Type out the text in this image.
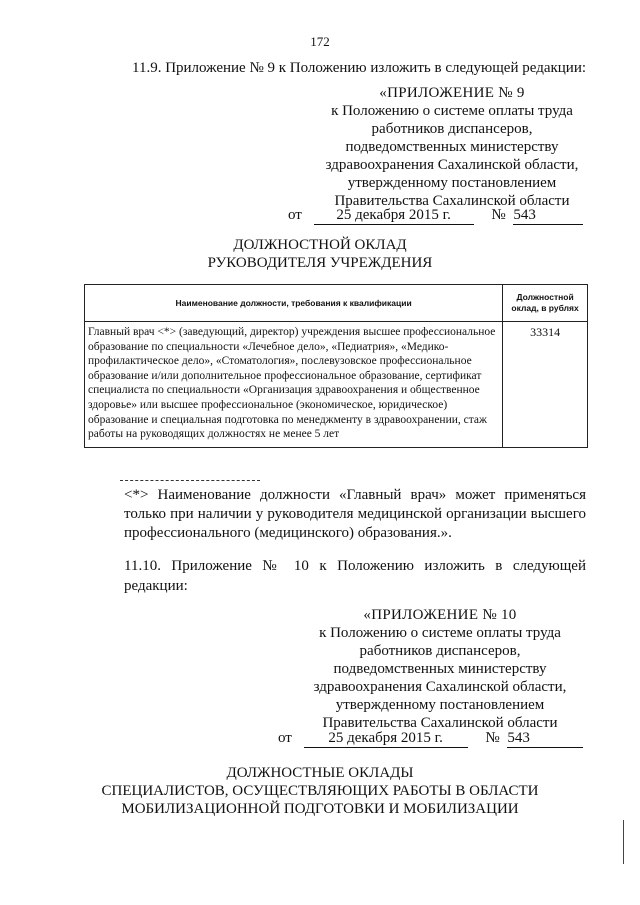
172
11.9. Приложение № 9 к Положению изложить в следующей редакции:
«ПРИЛОЖЕНИЕ № 9
к Положению о системе оплаты труда
работников диспансеров,
подведомственных министерству
здравоохранения Сахалинской области,
утвержденному постановлением
Правительства Сахалинской области
от 25 декабря 2015 г.	№ 543
ДОЛЖНОСТНОЙ ОКЛАД
РУКОВОДИТЕЛЯ УЧРЕЖДЕНИЯ
Наименование должности, требования к квалификации	Должностной оклад, в рублях
Главный врач <*> (заведующий, директор) учреждения высшее профессиональное образование по специальности «Лечебное дело», «Педиатрия», «Медико-профилактическое дело», «Стоматология», послевузовское профессиональное образование и/или дополнительное профессиональное образование, сертификат специалиста по специальности «Организация здравоохранения и общественное здоровье» или высшее профессиональное (экономическое, юридическое) образование и специальная подготовка по менеджменту в здравоохранении, стаж работы на руководящих должностях не менее 5 лет	33314
<*> Наименование должности «Главный врач» может применяться только при наличии у руководителя медицинской организации высшего профессионального (медицинского) образования.».
11.10. Приложение № 10 к Положению изложить в следующей редакции:
«ПРИЛОЖЕНИЕ № 10
к Положению о системе оплаты труда
работников диспансеров,
подведомственных министерству
здравоохранения Сахалинской области,
утвержденному постановлением
Правительства Сахалинской области
от 25 декабря 2015 г.	№ 543
ДОЛЖНОСТНЫЕ ОКЛАДЫ
СПЕЦИАЛИСТОВ, ОСУЩЕСТВЛЯЮЩИХ РАБОТЫ В ОБЛАСТИ
МОБИЛИЗАЦИОННОЙ ПОДГОТОВКИ И МОБИЛИЗАЦИИ
